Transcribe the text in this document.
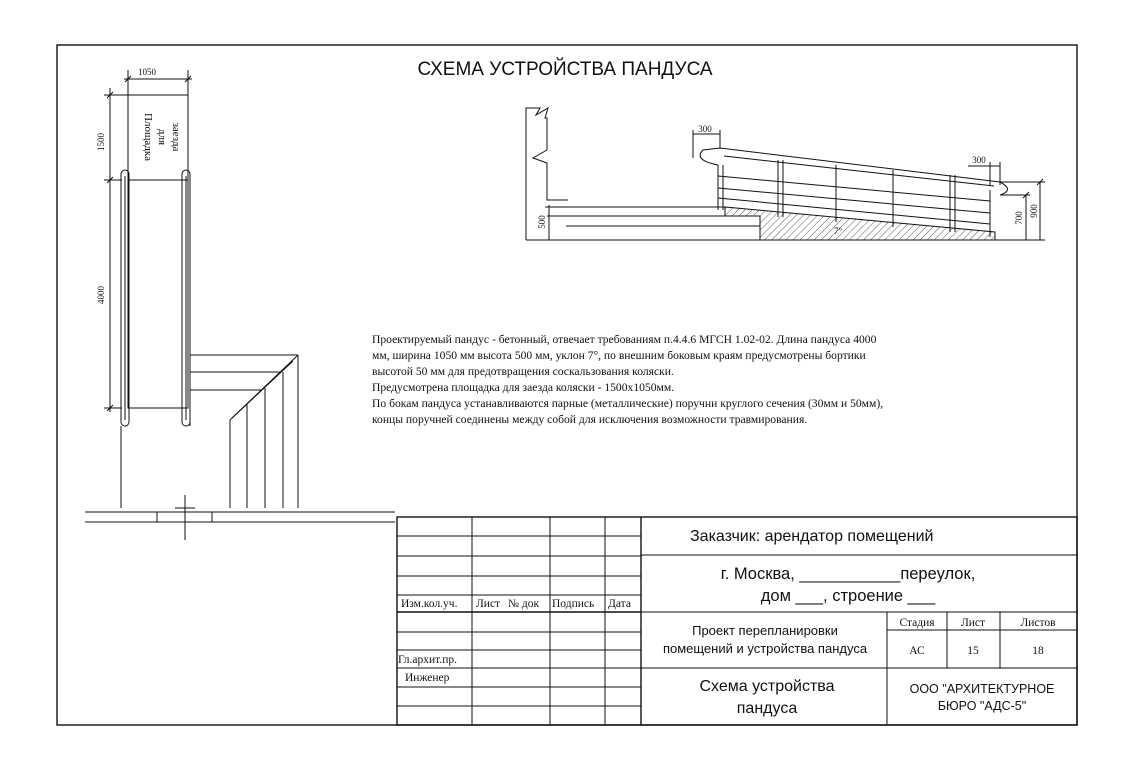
СХЕМА УСТРОЙСТВА ПАНДУСА
1050
1500
4000
Площадка для заезда	300
300
500	700
900
7°
Изм.кол.уч. Лист № док Подпись Дата
Гл.архит.пр.
Инженер
Заказчик: арендатор помещений
г. Москва, ___________переулок,
дом ___, строение ___
Проект перепланировки
помещений и устройства пандуса
Стадия Лист	Листов
АС	15	18
Схема устройства
пандуса
ООО "АРХИТЕКТУРНОЕ
БЮРО "АДС-5"
Проектируемый пандус - бетонный, отвечает требованиям п.4.4.6 МГСН 1.02-02. Длина пандуса 4000
мм, ширина 1050 мм высота 500 мм, уклон 7°, по внешним боковым краям предусмотрены бортики
высотой 50 мм для предотвращения соскальзования коляски.
Предусмотрена площадка для заезда коляски - 1500х1050мм.
По бокам пандуса устанавливаются парные (металлические) поручни круглого сечения (30мм и 50мм),
концы поручней соединены между собой для исключения возможности травмирования.
